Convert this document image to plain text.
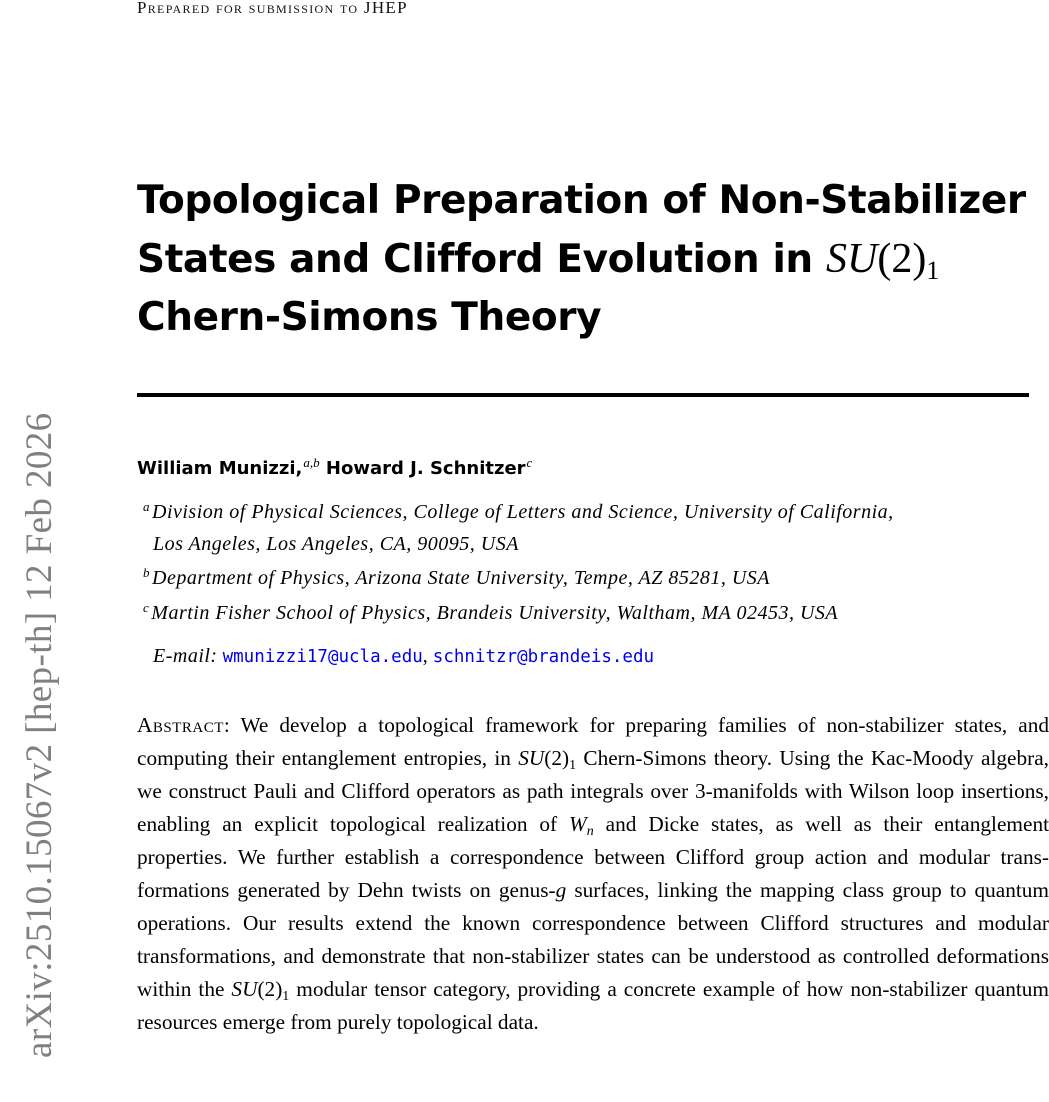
Prepared for submission to JHEP
arXiv:2510.15067v2 [hep-th] 12 Feb 2026
Topological Preparation of Non-Stabilizer
States and Clifford Evolution in $SU(2)_1$
Chern-Simons Theory
William Munizzi,$^{a,b}$ Howard J. Schnitzer$^c$
$^a$ Division of Physical Sciences, College of Letters and Science, University of California,
Los Angeles, Los Angeles, CA, 90095, USA
$^b$ Department of Physics, Arizona State University, Tempe, AZ 85281, USA
$^c$ Martin Fisher School of Physics, Brandeis University, Waltham, MA 02453, USA
E-mail: wmunizzi17@ucla.edu, schnitzr@brandeis.edu

Abstract: We develop a topological framework for preparing families of non-stabilizer states, and computing their entanglement entropies, in $SU(2)_1$ Chern-Simons theory. Using the Kac-Moody algebra, we construct Pauli and Clifford operators as path integrals over 3-manifolds with Wilson loop insertions, enabling an explicit topological realization of $W_n$ and Dicke states, as well as their entanglement properties. We further establish a correspondence between Clifford group action and modular transformations generated by Dehn twists on genus-g surfaces, linking the mapping class group to quantum operations. Our results extend the known correspondence between Clifford structures and modular transformations, and demonstrate that non-stabilizer states can be understood as controlled deformations within the $SU(2)_1$ modular tensor category, providing a concrete example of how non-stabilizer quantum resources emerge from purely topological data.
